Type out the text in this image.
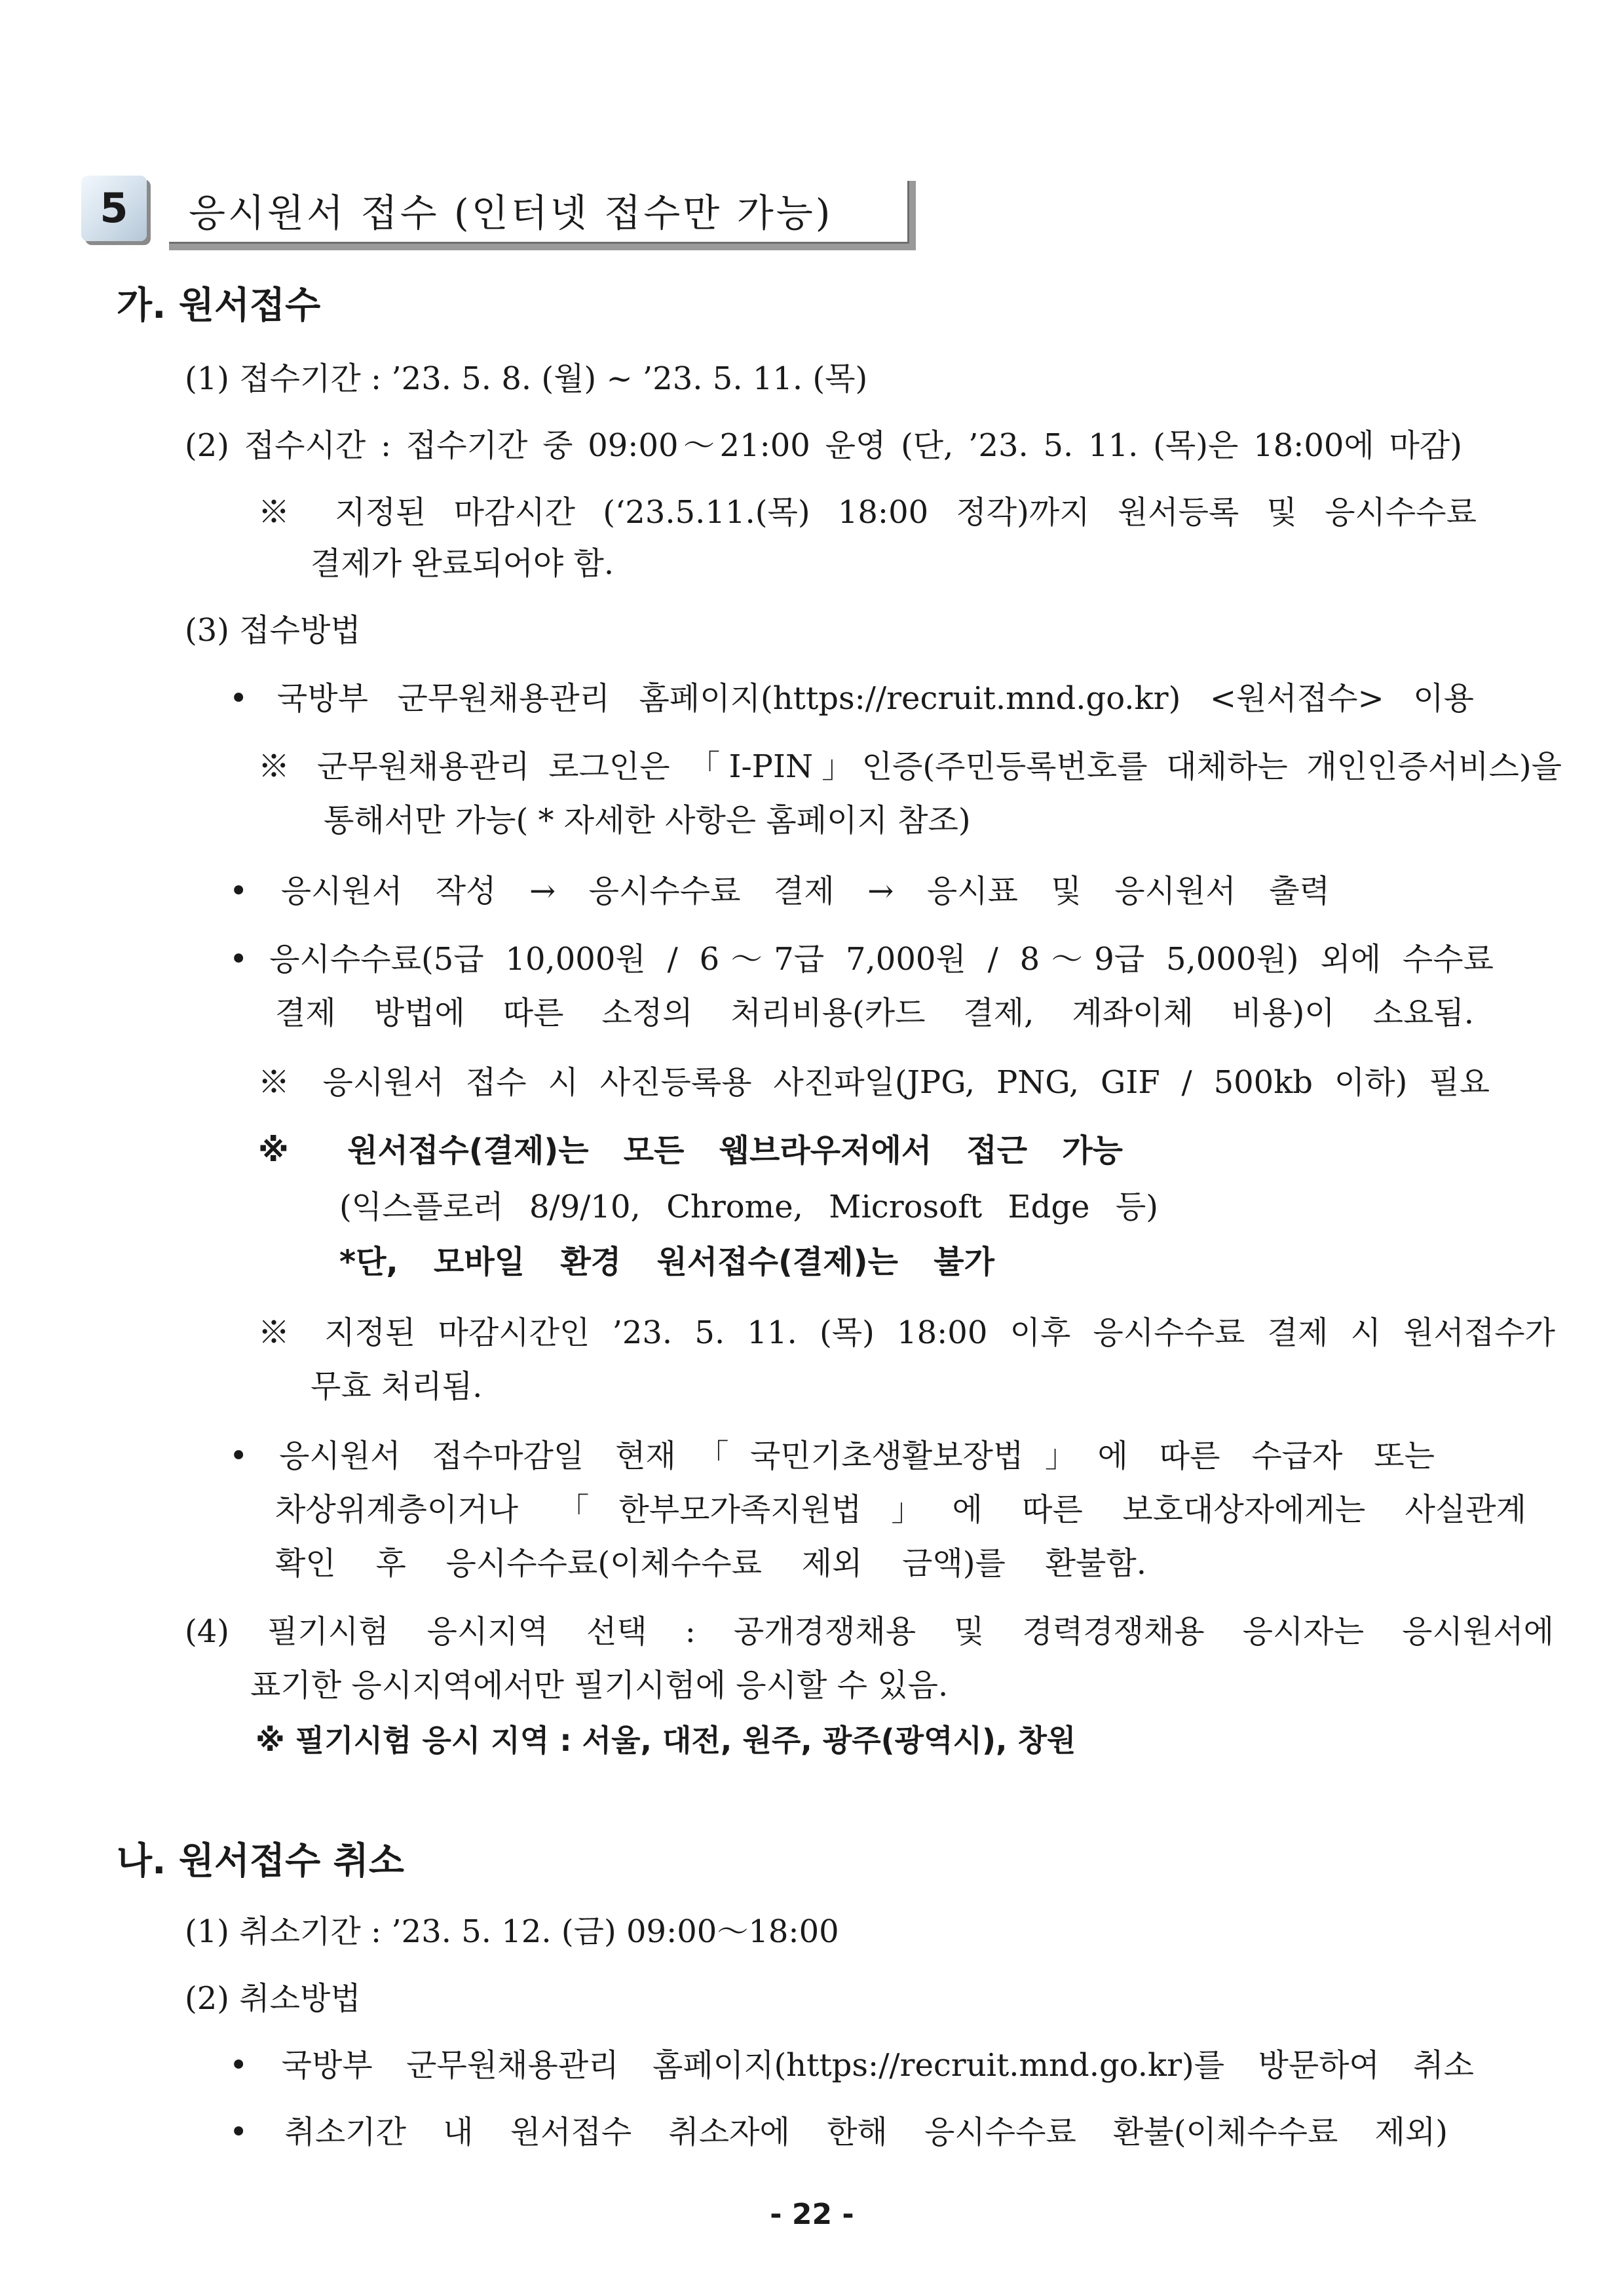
5	응시원서 접수 (인터넷 접수만 가능)
가. 원서접수
(1) 접수기간 : ’23. 5. 8. (월) ~ ’23. 5. 11. (목)
(2) 접수시간 : 접수기간 중 09:00～21:00 운영 (단, ’23. 5. 11. (목)은 18:00에 마감)
※ 지정된 마감시간 (‘23.5.11.(목) 18:00 정각)까지 원서등록 및 응시수수료
결제가 완료되어야 함.
(3) 접수방법
• 국방부 군무원채용관리 홈페이지(https://recruit.mnd.go.kr) <원서접수> 이용
※ 군무원채용관리 로그인은 「I-PIN」인증(주민등록번호를 대체하는 개인인증서비스)을
통해서만 가능( * 자세한 사항은 홈페이지 참조)
• 응시원서 작성 → 응시수수료 결제 → 응시표 및 응시원서 출력
• 응시수수료(5급 10,000원 / 6～7급 7,000원 / 8～9급 5,000원) 외에 수수료
결제 방법에 따른 소정의 처리비용(카드 결제, 계좌이체 비용)이 소요됨.
※ 응시원서 접수 시 사진등록용 사진파일(JPG, PNG, GIF / 500kb 이하) 필요
※ 원서접수(결제)는 모든 웹브라우저에서 접근 가능
(익스플로러 8/9/10, Chrome, Microsoft Edge 등)
*단, 모바일 환경 원서접수(결제)는 불가
※ 지정된 마감시간인 ’23. 5. 11. (목) 18:00 이후 응시수수료 결제 시 원서접수가
무효 처리됨.
• 응시원서 접수마감일 현재「국민기초생활보장법」에 따른 수급자 또는
차상위계층이거나 「한부모가족지원법」에 따른 보호대상자에게는 사실관계
확인 후 응시수수료(이체수수료 제외 금액)를 환불함.
(4) 필기시험 응시지역 선택 : 공개경쟁채용 및 경력경쟁채용 응시자는 응시원서에
표기한 응시지역에서만 필기시험에 응시할 수 있음.
※ 필기시험 응시 지역 : 서울, 대전, 원주, 광주(광역시), 창원
나. 원서접수 취소
(1) 취소기간 : ’23. 5. 12. (금) 09:00～18:00
(2) 취소방법
• 국방부 군무원채용관리 홈페이지(https://recruit.mnd.go.kr)를 방문하여 취소
• 취소기간 내 원서접수 취소자에 한해 응시수수료 환불(이체수수료 제외)
- 22 -
